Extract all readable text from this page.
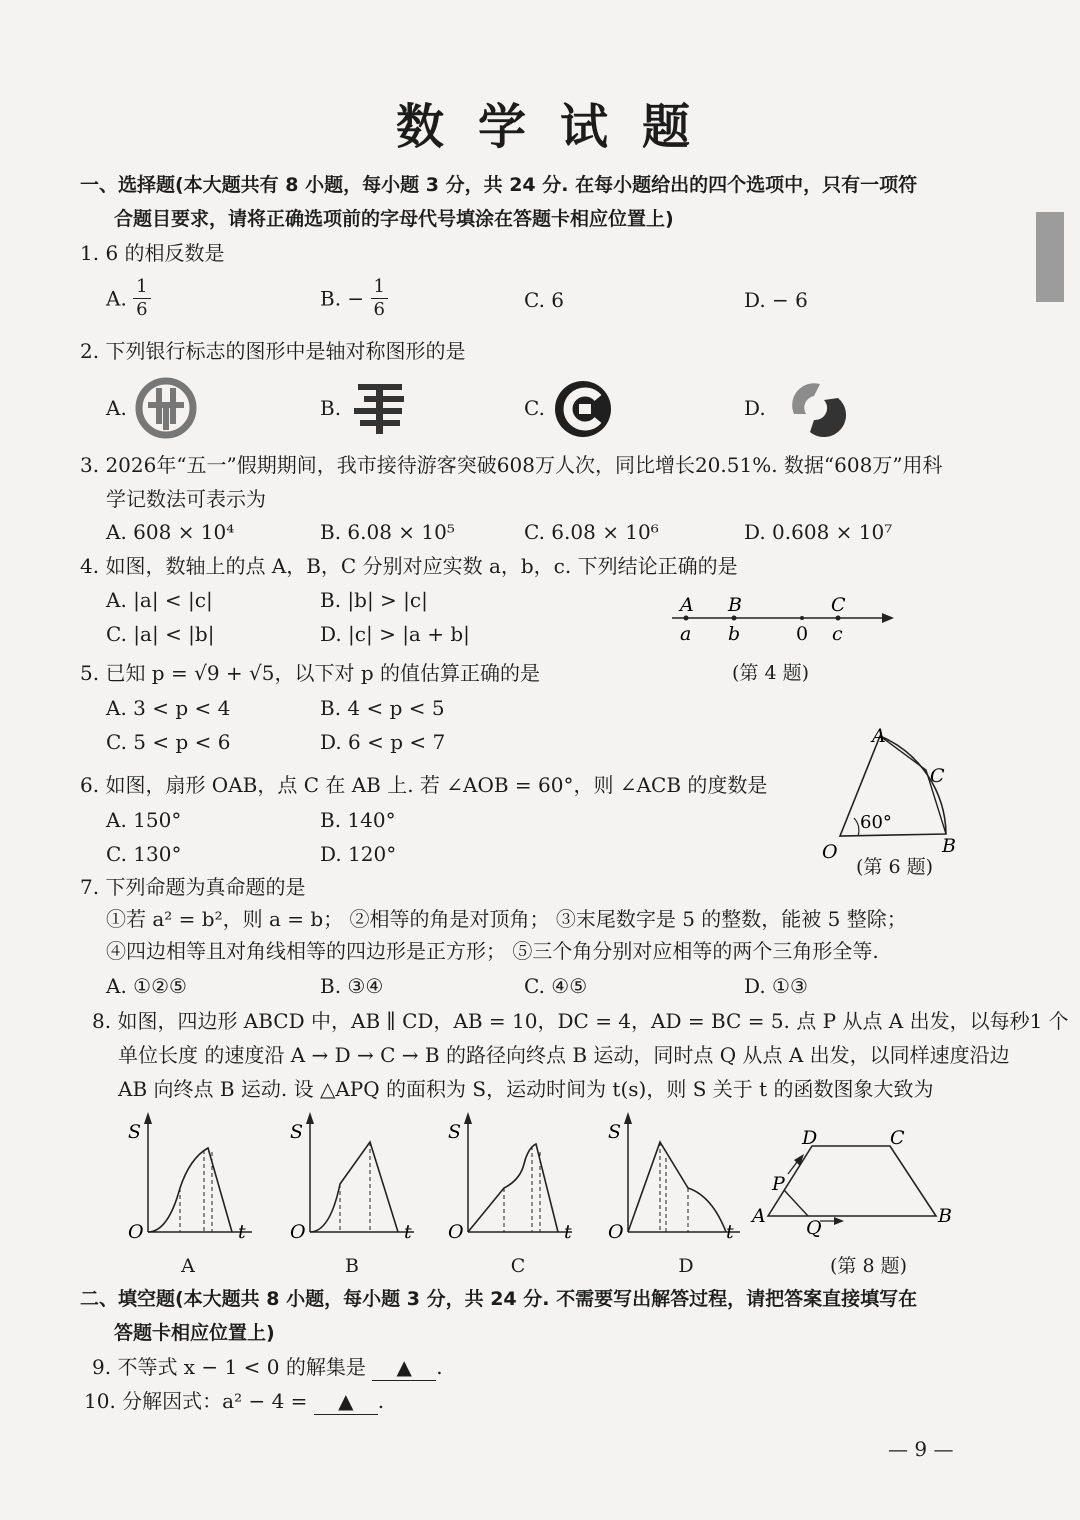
数学试题
一、选择题(本大题共有 8 小题，每小题 3 分，共 24 分. 在每小题给出的四个选项中，只有一项符
合题目要求，请将正确选项前的字母代号填涂在答题卡相应位置上)
1. 6 的相反数是
A. $\frac{1}{6}$	B. − $\frac{1}{6}$	C. 6	D. − 6
2. 下列银行标志的图形中是轴对称图形的是
A.	B.	C.	D.
3. 2026年“五一”假期期间，我市接待游客突破608万人次，同比增长20.51%. 数据“608万”用科
学记数法可表示为
A. 608 × 10⁴	B. 6.08 × 10⁵	C. 6.08 × 10⁶	D. 0.608 × 10⁷
4. 如图，数轴上的点 A，B，C 分别对应实数 a，b，c. 下列结论正确的是
A. |a| < |c|	B. |b| > |c|
C. |a| < |b|	D. |c| > |a + b|
A B	C
a b	0 c
(第 4 题)
5. 已知 p = √9 + √5，以下对 p 的值估算正确的是
A. 3 < p < 4	B. 4 < p < 5
C. 5 < p < 6	D. 6 < p < 7
6. 如图，扇形 OAB，点 C 在 AB 上. 若 ∠AOB = 60°，则 ∠ACB 的度数是
A. 150°	B. 140°
C. 130°	D. 120°
A
C
B
O
60°
(第 6 题)
7. 下列命题为真命题的是
①若 a² = b²，则 a = b； ②相等的角是对顶角； ③末尾数字是 5 的整数，能被 5 整除；
④四边相等且对角线相等的四边形是正方形； ⑤三个角分别对应相等的两个三角形全等.
A. ①②⑤	B. ③④	C. ④⑤	D. ①③
8. 如图，四边形 ABCD 中，AB ∥ CD，AB = 10，DC = 4，AD = BC = 5. 点 P 从点 A 出发，以每秒1 个
单位长度 的速度沿 A → D → C → B 的路径向终点 B 运动，同时点 Q 从点 A 出发，以同样速度沿边
AB 向终点 B 运动. 设 △APQ 的面积为 S，运动时间为 t(s)，则 S 关于 t 的函数图象大致为
S
O	t
A
S
O	t
B
S
O	t
C
S
O	t
D
D	C
A	B
P
Q
(第 8 题)
二、填空题(本大题共 8 小题，每小题 3 分，共 24 分. 不需要写出解答过程，请把答案直接填写在
答题卡相应位置上)
9. 不等式 x − 1 < 0 的解集是 ▲ .
10. 分解因式：a² − 4 = ▲ .
— 9 —
